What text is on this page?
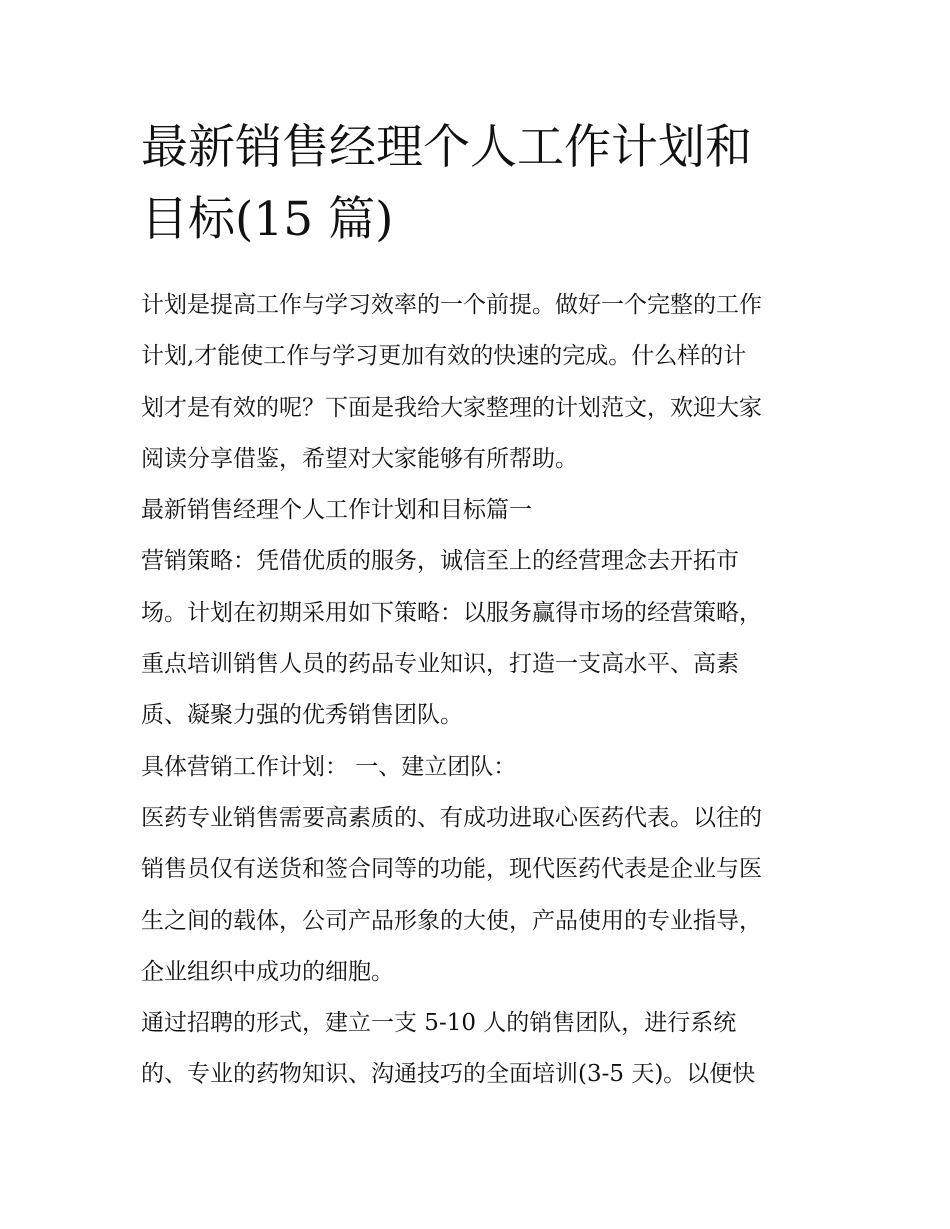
最新销售经理个人工作计划和
目标(15 篇)
计划是提高工作与学习效率的一个前提。做好一个完整的工作
计划,才能使工作与学习更加有效的快速的完成。什么样的计
划才是有效的呢？下面是我给大家整理的计划范文，欢迎大家
阅读分享借鉴，希望对大家能够有所帮助。
最新销售经理个人工作计划和目标篇一
营销策略：凭借优质的服务，诚信至上的经营理念去开拓市
场。计划在初期采用如下策略：以服务赢得市场的经营策略，
重点培训销售人员的药品专业知识，打造一支高水平、高素
质、凝聚力强的优秀销售团队。
具体营销工作计划： 一、建立团队：
医药专业销售需要高素质的、有成功进取心医药代表。以往的
销售员仅有送货和签合同等的功能，现代医药代表是企业与医
生之间的载体，公司产品形象的大使，产品使用的专业指导，
企业组织中成功的细胞。
通过招聘的形式，建立一支 5-10 人的销售团队，进行系统
的、专业的药物知识、沟通技巧的全面培训(3-5 天)。以便快
